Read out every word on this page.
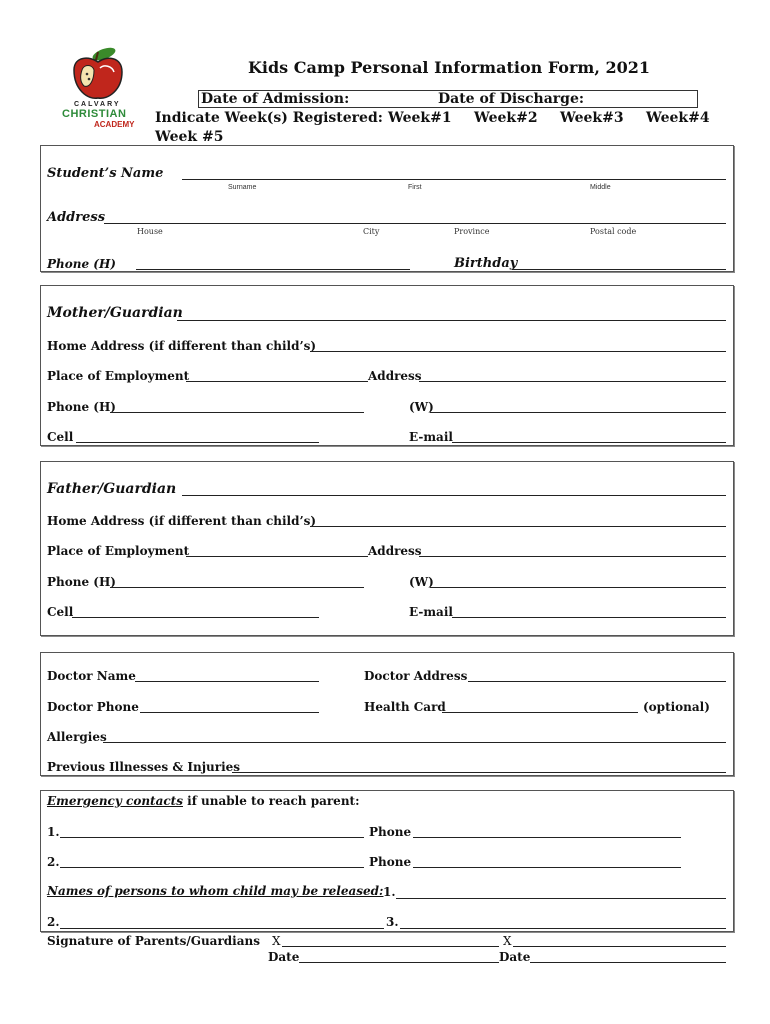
CALVARY
CHRISTIAN
ACADEMY
Kids Camp Personal Information Form, 2021
Date of Admission:	Date of Discharge:
Indicate Week(s) Registered: Week#1 Week#2 Week#3 Week#4
Week #5
Student’s Name
Surname	First	Middle
Address
House	City	Province	Postal code
Phone (H)	Birthday
Mother/Guardian
Home Address (if different than child’s)
Place of Employment	Address
Phone (H)	(W)
Cell	E-mail
Father/Guardian
Home Address (if different than child’s)
Place of Employment	Address
Phone (H)	(W)
Cell	E-mail
Doctor Name	Doctor Address
Doctor Phone	Health Card	(optional)
Allergies
Previous Illnesses & Injuries
Emergency contacts if unable to reach parent:
1.	Phone
2.	Phone
Names of persons to whom child may be released: 1.
2.	3.
Signature of Parents/Guardians X	X
Date	Date
